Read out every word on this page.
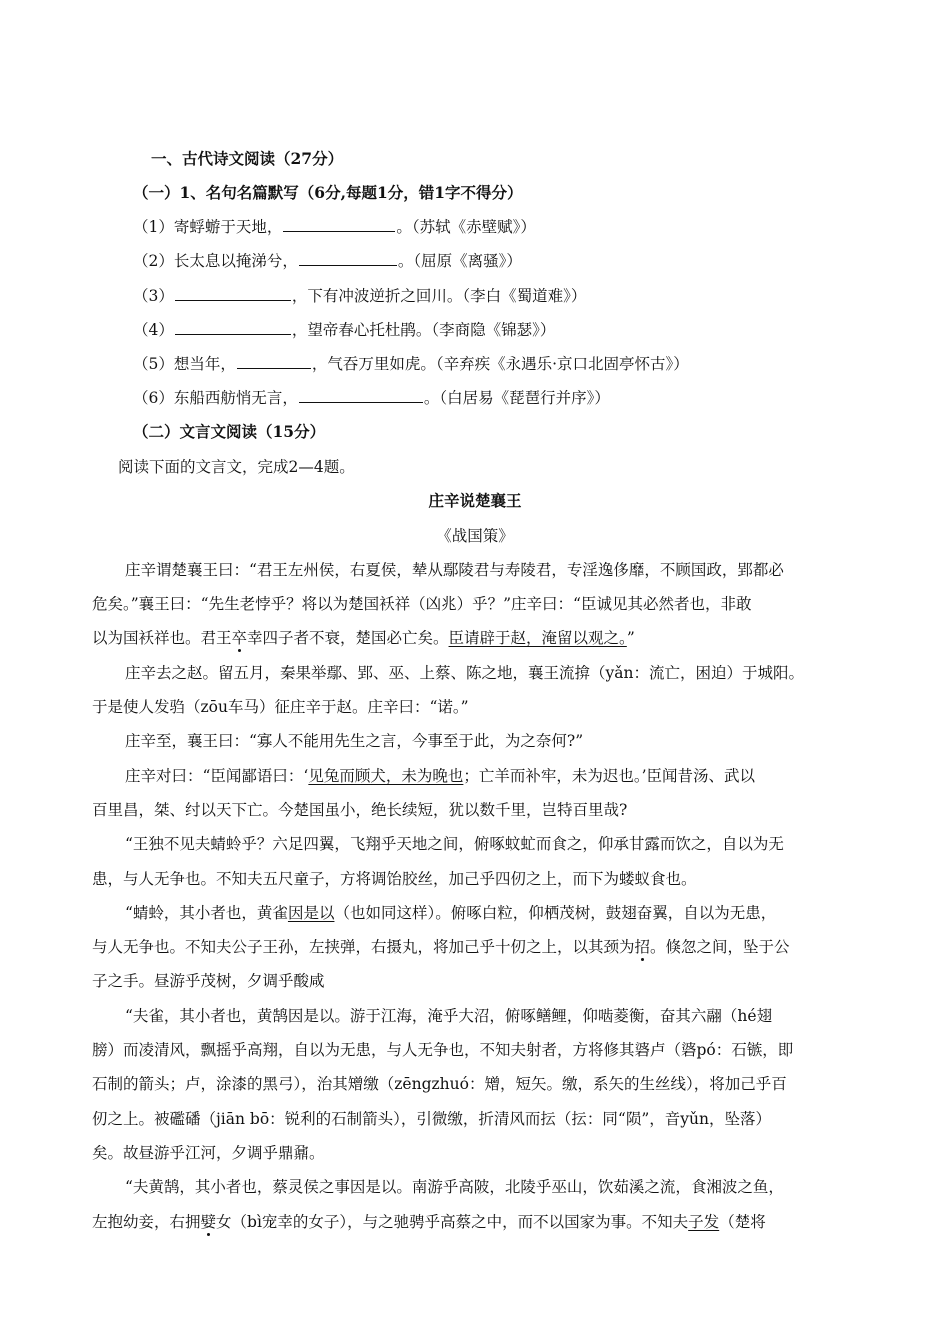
一、古代诗文阅读（27分）
（一）1、名句名篇默写（6分,每题1分，错1字不得分）
（1）寄蜉蝣于天地，	。（苏轼《赤壁赋》）
（2）长太息以掩涕兮，	。（屈原《离骚》）
（3）	，下有冲波逆折之回川。（李白《蜀道难》）
（4）	，望帝春心托杜鹃。（李商隐《锦瑟》）
（5）想当年，	，气吞万里如虎。（辛弃疾《永遇乐·京口北固亭怀古》）
（6）东船西舫悄无言，	。（白居易《琵琶行并序》）
（二）文言文阅读（15分）
阅读下面的文言文，完成2—4题。
庄辛说楚襄王
《战国策》
庄辛谓楚襄王曰：“君王左州侯，右夏侯，辇从鄢陵君与寿陵君，专淫逸侈靡，不顾国政，郢都必
危矣。”襄王曰：“先生老悖乎？将以为楚国袄祥（凶兆）乎？”庄辛曰：“臣诚见其必然者也，非敢
以为国袄祥也。君王卒幸四子者不衰，楚国必亡矣。臣请辟于赵，淹留以观之。”
庄辛去之赵。留五月，秦果举鄢、郢、巫、上蔡、陈之地，襄王流揜（yǎn：流亡，困迫）于城阳。
于是使人发驺（zōu车马）征庄辛于赵。庄辛曰：“诺。”
庄辛至，襄王曰：“寡人不能用先生之言，今事至于此，为之奈何?”
庄辛对曰：“臣闻鄙语曰：‘见兔而顾犬，未为晚也；亡羊而补牢，未为迟也。’臣闻昔汤、武以
百里昌，桀、纣以天下亡。今楚国虽小，绝长续短，犹以数千里，岂特百里哉?
“王独不见夫蜻蛉乎？六足四翼，飞翔乎天地之间，俯啄蚊虻而食之，仰承甘露而饮之，自以为无
患，与人无争也。不知夫五尺童子，方将调饴胶丝，加己乎四仞之上，而下为蝼蚁食也。
“蜻蛉，其小者也，黄雀因是以（也如同这样）。俯啄白粒，仰栖茂树，鼓翅奋翼，自以为无患，
与人无争也。不知夫公子王孙，左挟弹，右摄丸，将加己乎十仞之上，以其颈为招。倏忽之间，坠于公
子之手。昼游乎茂树，夕调乎酸咸
“夫雀，其小者也，黄鹄因是以。游于江海，淹乎大沼，俯啄鳝鲤，仰啮菱衡，奋其六翮（hé翅
膀）而凌清风，飘摇乎高翔，自以为无患，与人无争也，不知夫射者，方将修其碆卢（碆pó：石镞，即
石制的箭头；卢，涂漆的黑弓），治其矰缴（zēngzhuó：矰，短矢。缴，系矢的生丝线），将加己乎百
仞之上。被礛磻（jiān bō：锐利的石制箭头），引微缴，折清风而抎（抎：同“陨”，音yǔn，坠落）
矣。故昼游乎江河，夕调乎鼎鼐。
“夫黄鹄，其小者也，蔡灵侯之事因是以。南游乎高陂，北陵乎巫山，饮茹溪之流，食湘波之鱼，
左抱幼妾，右拥嬖女（bì宠幸的女子），与之驰骋乎高蔡之中，而不以国家为事。不知夫子发（楚将
